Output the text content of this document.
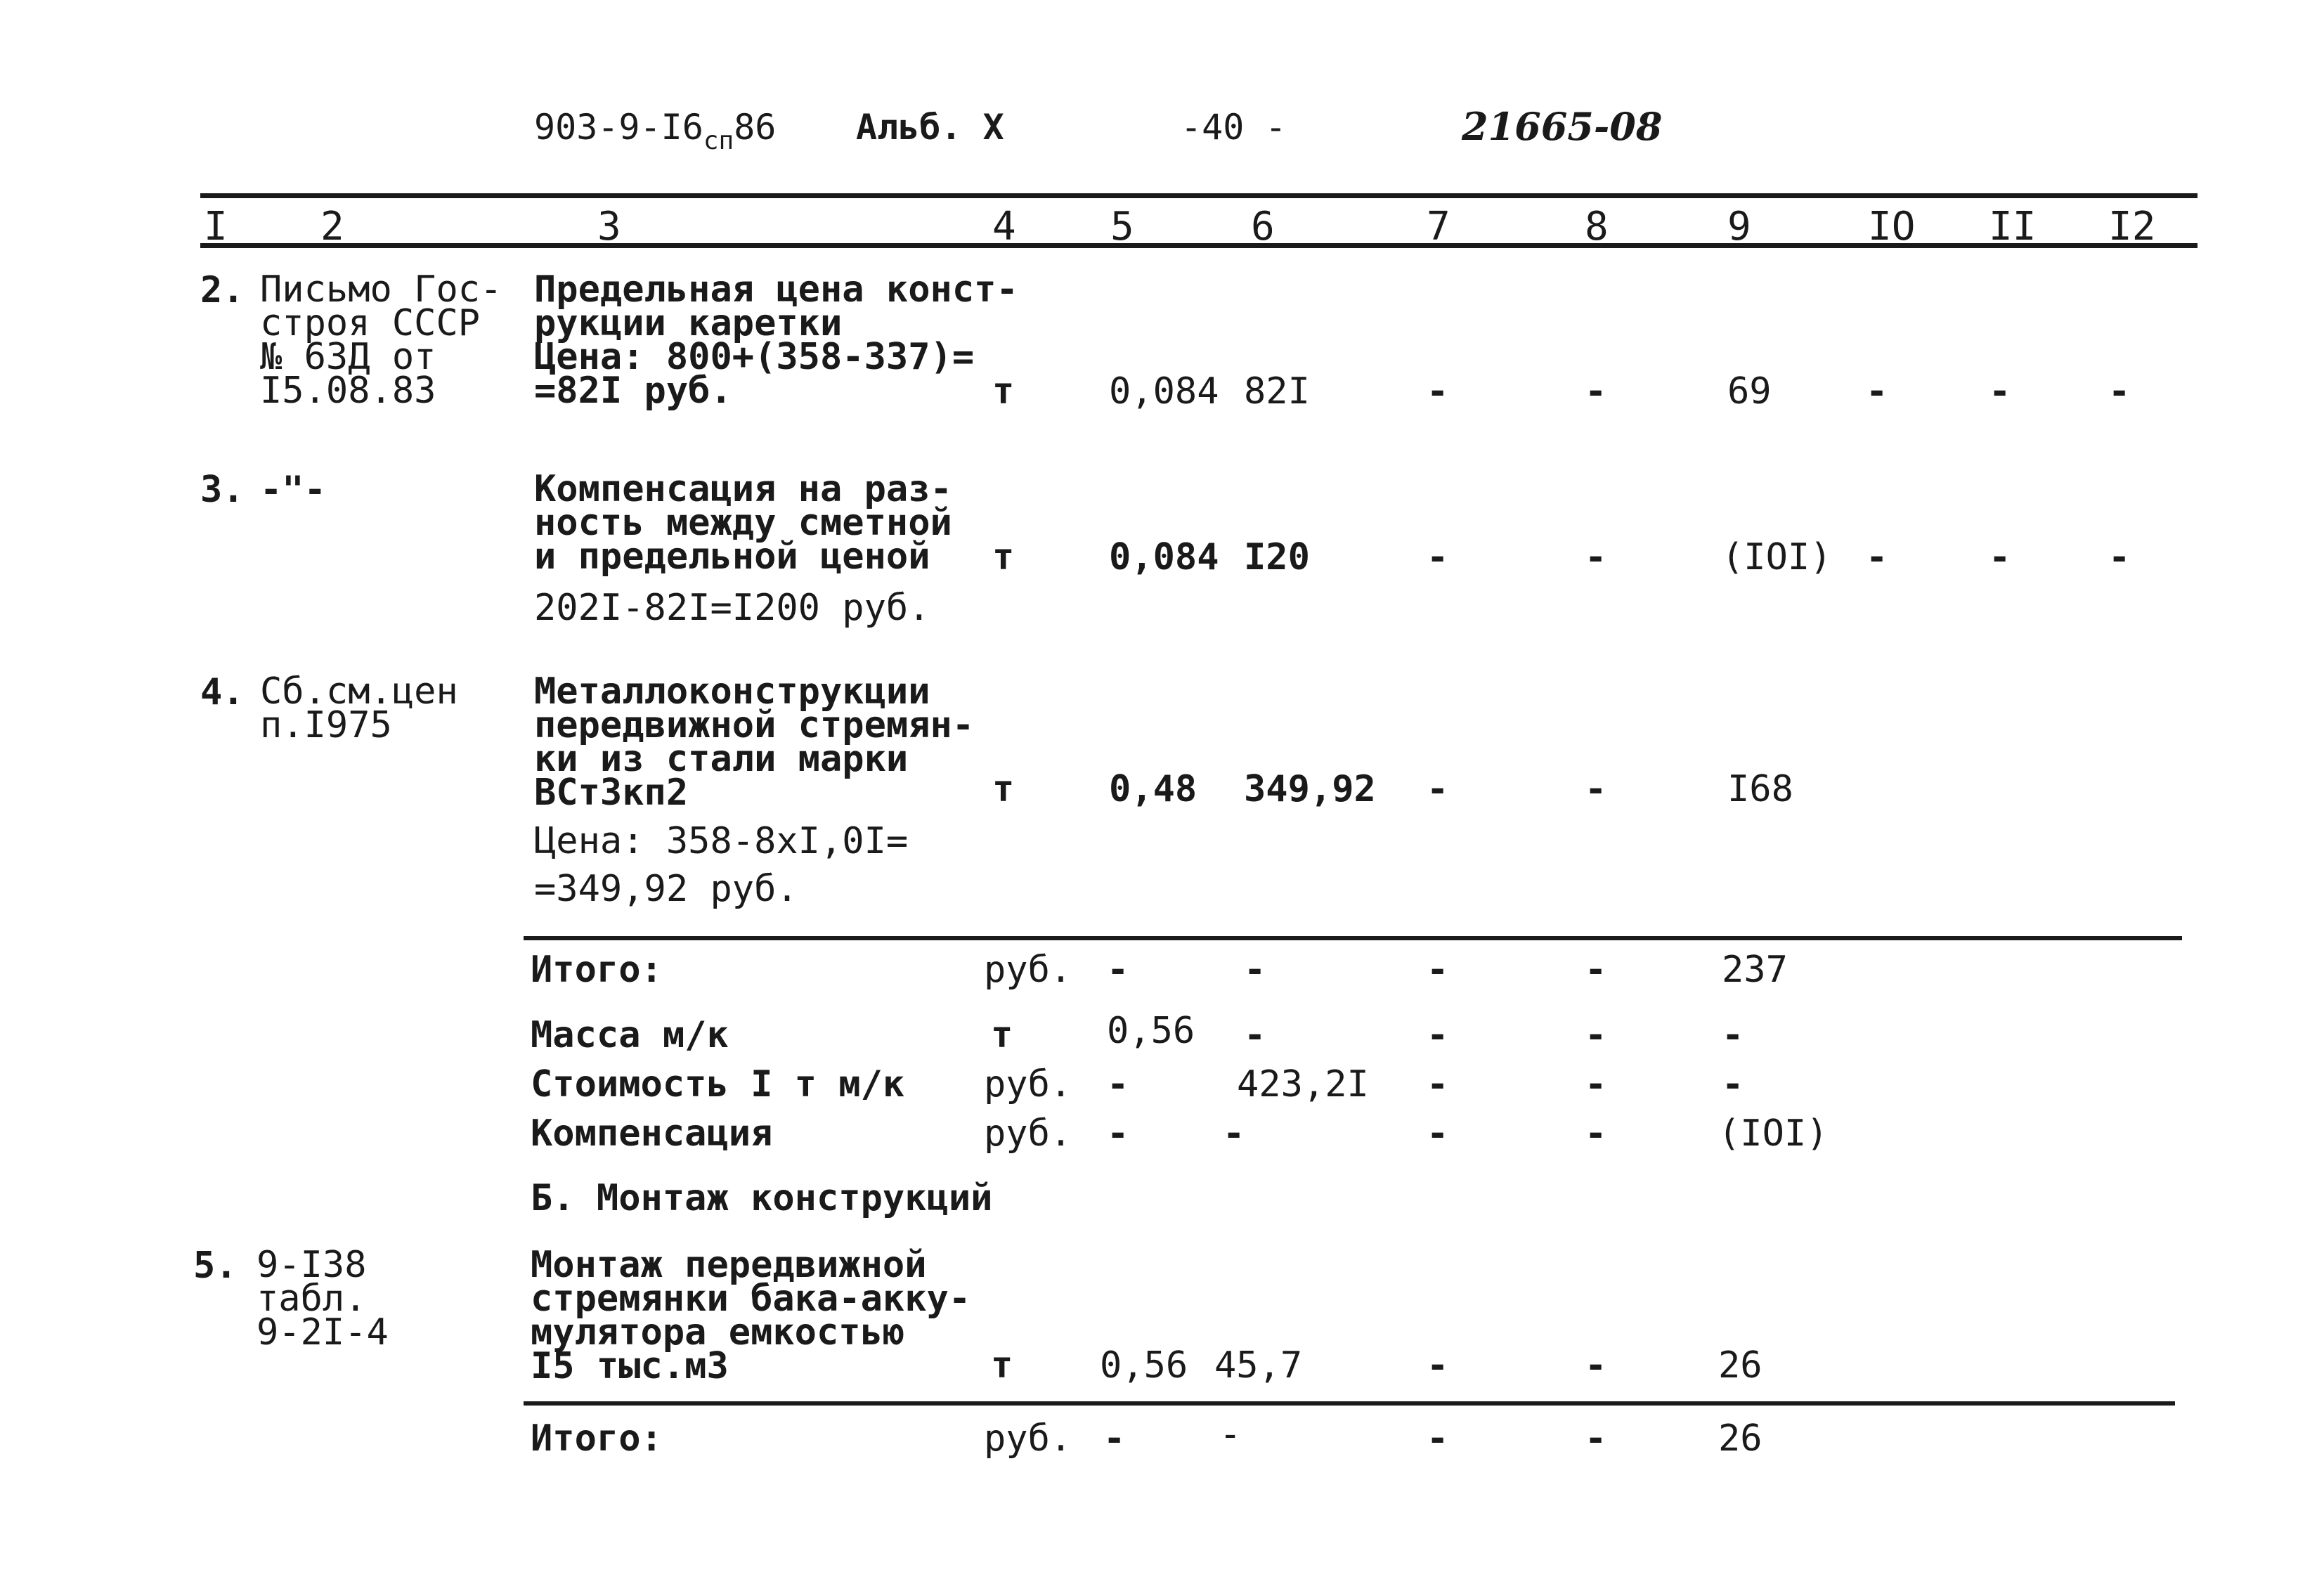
$903-9-I6_{сп}86$ Альб. X	-40 -	21665-08
I 2	3	4 5	6	7	8	9	IO II I2
2. Письмо Гос-
строя СССР
№ 63Д от
I5.08.83
Предельная цена конст-
рукции каретки
Цена: 800+(358-337)=
=82I руб.	т	0,084 82I	-	-	69	-	-	-
3. -"-	Компенсация на раз-
ность между сметной
и предельной ценой
202I-82I=I200 руб.
т	0,084 I20	-	-	(IOI) -	-	-
4. Сб.см.цен
п.I975
Металлоконструкции
передвижной стремян-
ки из стали марки
ВСт3кп2
Цена: 358-8xI,0I=
=349,92 руб.
т	0,48 349,92 -	-	I68
Итого:	руб. -	-	-	-	237
Масса м/к	т	0,56 -	-	-	-
Стоимость I т м/к руб. -	423,2I -	-	-
Компенсация	руб. -	-	-	-	(IOI)
Б. Монтаж конструкций
5. 9-I38
табл.
9-2I-4
Монтаж передвижной
стремянки бака-акку-
мулятора емкостью
I5 тыс.м3	т 0,56 45,7	-	-	26
Итого:	руб. -	-	-	-	26
